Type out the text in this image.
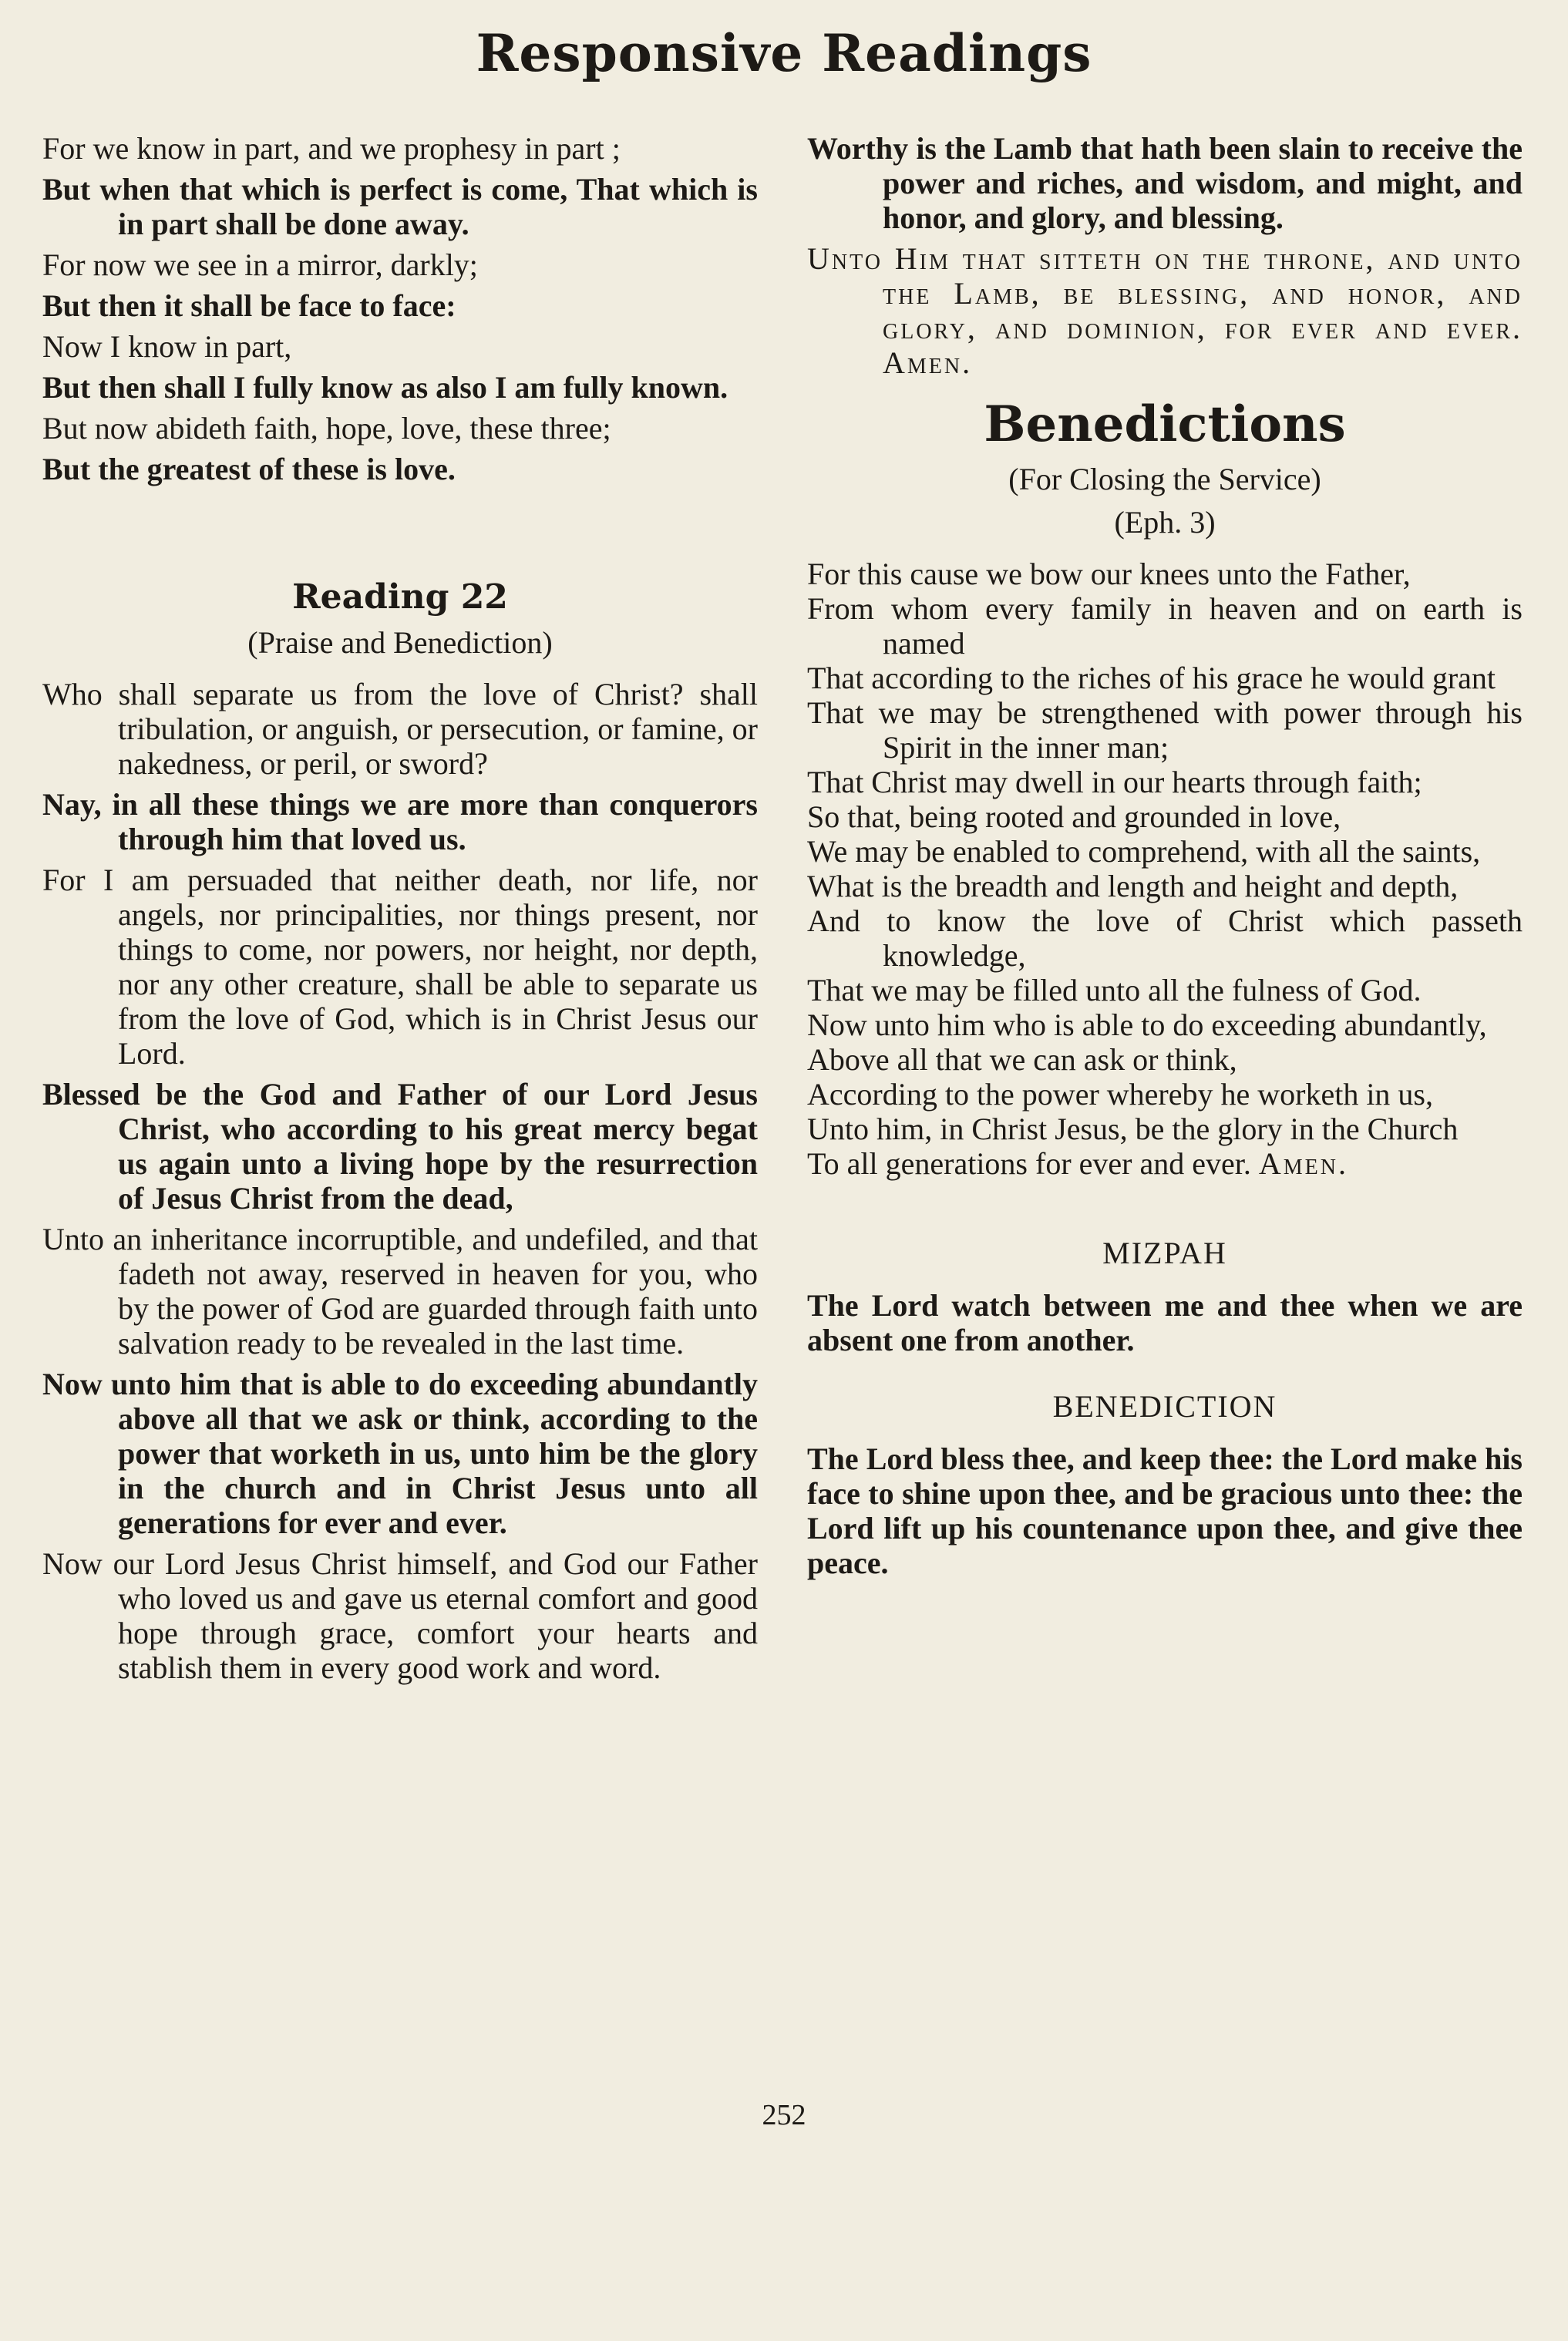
Responsive Readings

For we know in part, and we prophesy in part ;

But when that which is perfect is come, That which is in part shall be done away.

For now we see in a mirror, darkly;

But then it shall be face to face:

Now I know in part,

But then shall I fully know as also I am fully known.

But now abideth faith, hope, love, these three;

But the greatest of these is love.

Reading 22
(Praise and Benediction)

Who shall separate us from the love of Christ? shall tribulation, or anguish, or persecution, or famine, or nakedness, or peril, or sword?

Nay, in all these things we are more than conquerors through him that loved us.

For I am persuaded that neither death, nor life, nor angels, nor principalities, nor things present, nor things to come, nor powers, nor height, nor depth, nor any other creature, shall be able to separate us from the love of God, which is in Christ Jesus our Lord.

Blessed be the God and Father of our Lord Jesus Christ, who according to his great mercy begat us again unto a living hope by the resurrection of Jesus Christ from the dead,

Unto an inheritance incorruptible, and undefiled, and that fadeth not away, reserved in heaven for you, who by the power of God are guarded through faith unto salvation ready to be revealed in the last time.

Now unto him that is able to do exceeding abundantly above all that we ask or think, according to the power that worketh in us, unto him be the glory in the church and in Christ Jesus unto all generations for ever and ever.

Now our Lord Jesus Christ himself, and God our Father who loved us and gave us eternal comfort and good hope through grace, comfort your hearts and stablish them in every good work and word.

Worthy is the Lamb that hath been slain to receive the power and riches, and wisdom, and might, and honor, and glory, and blessing.

Unto Him that sitteth on the throne, and unto the Lamb, be blessing, and honor, and glory, and dominion, for ever and ever. Amen.

Benedictions
(For Closing the Service)
(Eph. 3)

For this cause we bow our knees unto the Father,

From whom every family in heaven and on earth is named

That according to the riches of his grace he would grant

That we may be strengthened with power through his Spirit in the inner man;

That Christ may dwell in our hearts through faith;

So that, being rooted and grounded in love,

We may be enabled to comprehend, with all the saints,

What is the breadth and length and height and depth,

And to know the love of Christ which passeth knowledge,

That we may be filled unto all the fulness of God.

Now unto him who is able to do exceeding abundantly,

Above all that we can ask or think,

According to the power whereby he worketh in us,

Unto him, in Christ Jesus, be the glory in the Church

To all generations for ever and ever. Amen.

MIZPAH

The Lord watch between me and thee when we are absent one from another.

BENEDICTION

The Lord bless thee, and keep thee: the Lord make his face to shine upon thee, and be gracious unto thee: the Lord lift up his countenance upon thee, and give thee peace.

252
